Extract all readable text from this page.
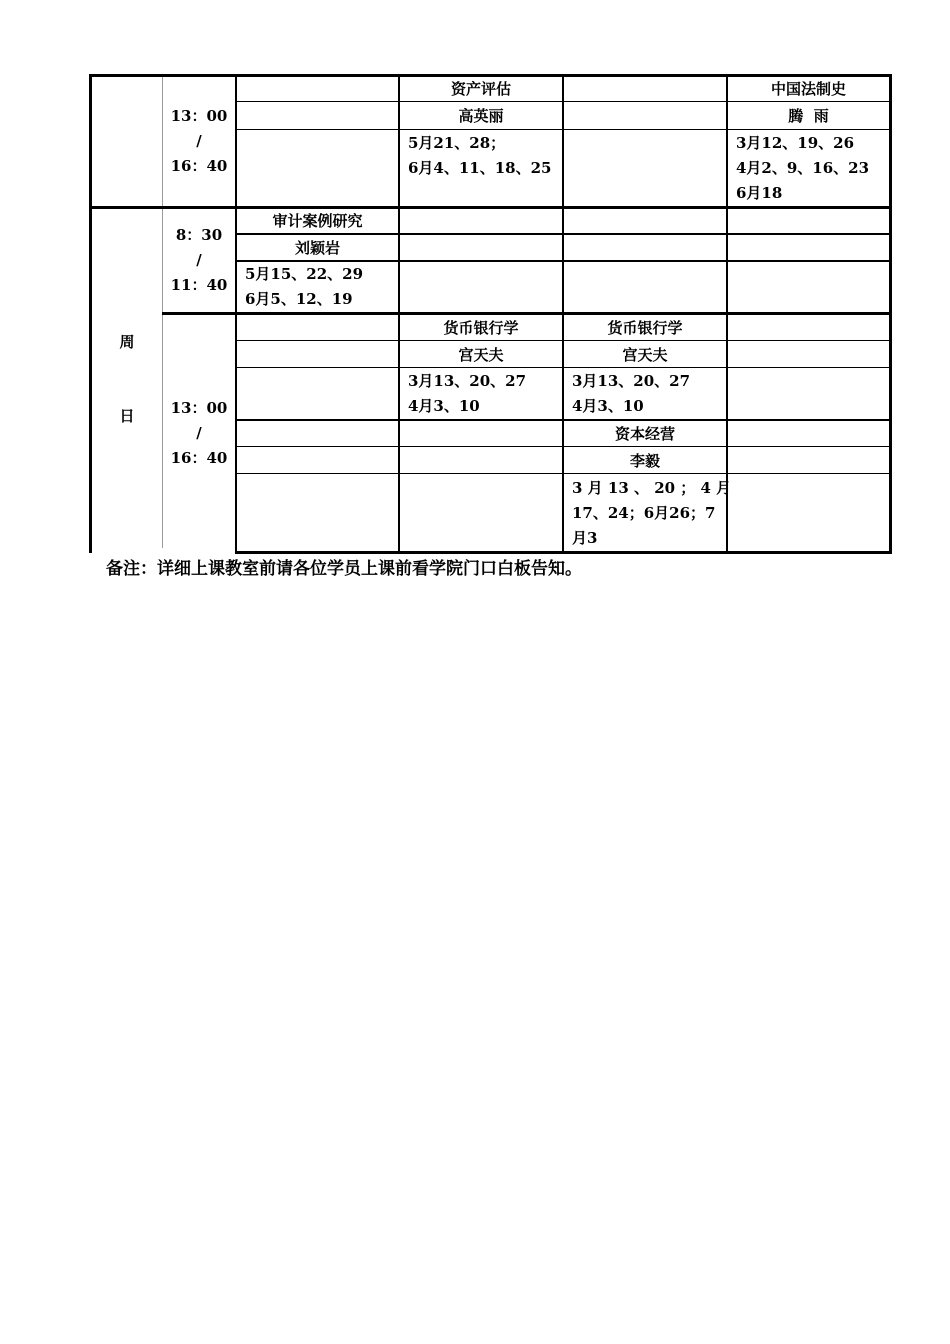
周
日
13：00
/
16：40
8：30
/
11：40
13：00
/
16：40
资产评估
高英丽
5月21、28；
6月4、11、18、25
中国法制史
腾  雨
3月12、19、26
4月2、9、16、23
6月18
审计案例研究
刘颖岩
5月15、22、29
6月5、12、19
货币银行学
宫天夫
3月13、20、27
4月3、10
货币银行学
宫天夫
3月13、20、27
4月3、10
资本经营
李毅
3 月 13 、 20 ； 4 月
17、24；6月26；7
月3
备注：详细上课教室前请各位学员上课前看学院门口白板告知。
